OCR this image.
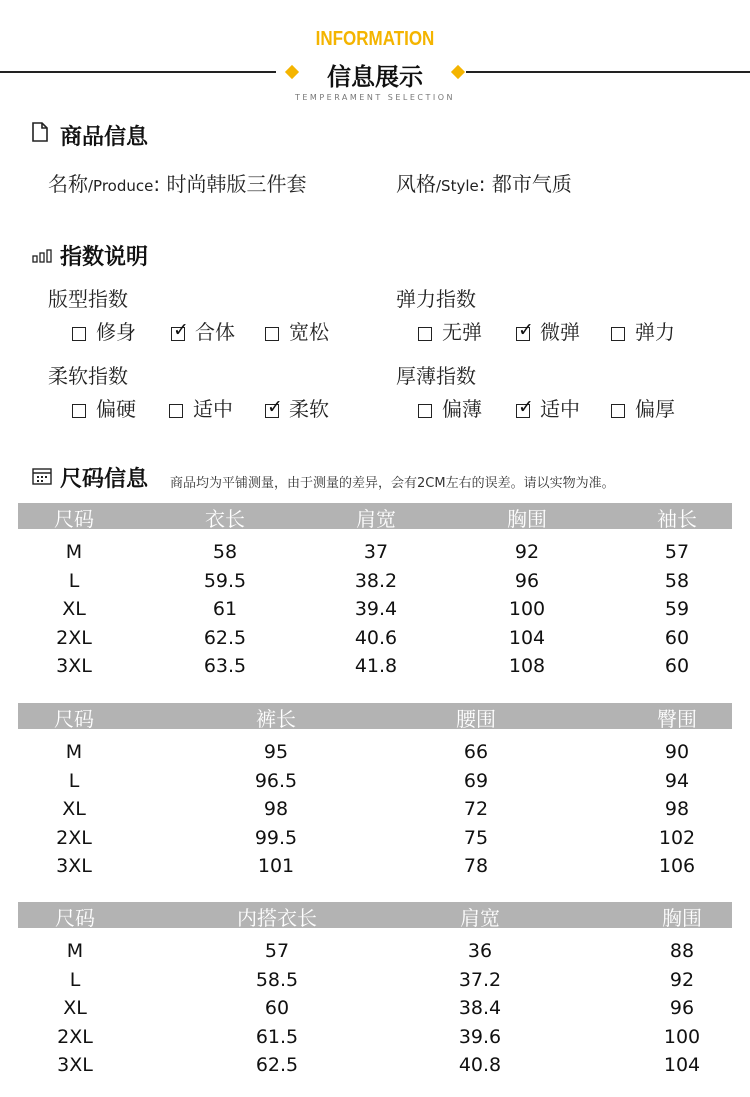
INFORMATION
信息展示
TEMPERAMENT SELECTION
商品信息
名称/Produce: 时尚韩版三件套	风格/Style: 都市气质
指数说明
版型指数
修身 ✓	合体	宽松
弹力指数
无弹 ✓	微弹	弹力
柔软指数
偏硬	适中 ✓	柔软
厚薄指数
偏薄 ✓	适中	偏厚
尺码信息 商品均为平铺测量，由于测量的差异，会有2CM左右的误差。请以实物为准。
尺码	衣长	肩宽	胸围	袖长
M	58	37	92	57
L	59.5	38.2	96	58
XL	61	39.4	100	59
2XL	62.5	40.6	104	60
3XL	63.5	41.8	108	60
尺码	裤长	腰围	臀围
M	95	66	90
L	96.5	69	94
XL	98	72	98
2XL	99.5	75	102
3XL	101	78	106
尺码	内搭衣长	肩宽	胸围
M	57	36	88
L	58.5	37.2	92
XL	60	38.4	96
2XL	61.5	39.6	100
3XL	62.5	40.8	104
